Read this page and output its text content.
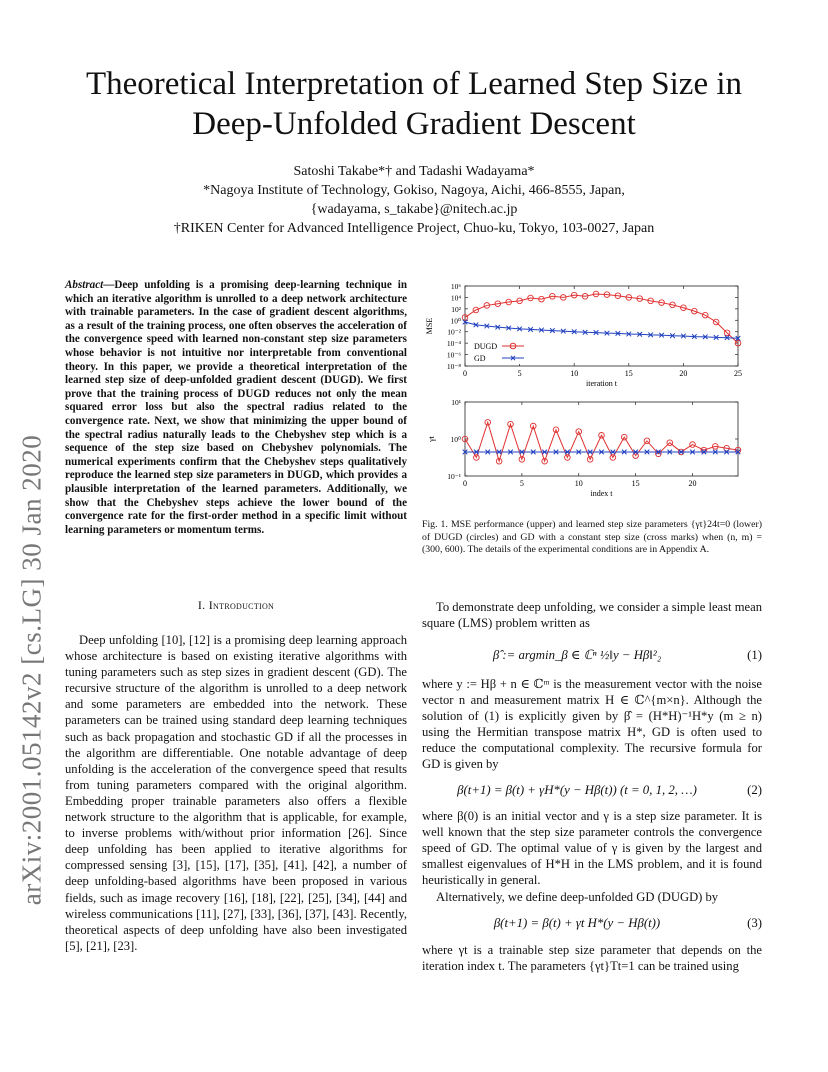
arXiv:2001.05142v2 [cs.LG] 30 Jan 2020
Theoretical Interpretation of Learned Step Size in
Deep-Unfolded Gradient Descent
Satoshi Takabe*† and Tadashi Wadayama*
*Nagoya Institute of Technology, Gokiso, Nagoya, Aichi, 466-8555, Japan,
{wadayama, s_takabe}@nitech.ac.jp
†RIKEN Center for Advanced Intelligence Project, Chuo-ku, Tokyo, 103-0027, Japan
Abstract—Deep unfolding is a promising deep-learning technique in which an iterative algorithm is unrolled to a deep network architecture with trainable parameters. In the case of gradient descent algorithms, as a result of the training process, one often observes the acceleration of the convergence speed with learned non-constant step size parameters whose behavior is not intuitive nor interpretable from conventional theory. In this paper, we provide a theoretical interpretation of the learned step size of deep-unfolded gradient descent (DUGD). We first prove that the training process of DUGD reduces not only the mean squared error loss but also the spectral radius related to the convergence rate. Next, we show that minimizing the upper bound of the spectral radius naturally leads to the Chebyshev step which is a sequence of the step size based on Chebyshev polynomials. The numerical experiments confirm that the Chebyshev steps qualitatively reproduce the learned step size parameters in DUGD, which provides a plausible interpretation of the learned parameters. Additionally, we show that the Chebyshev steps achieve the lower bound of the convergence rate for the first-order method in a specific limit without learning parameters or momentum terms.
I. Introduction
Deep unfolding [10], [12] is a promising deep learning approach whose architecture is based on existing iterative algorithms with tuning parameters such as step sizes in gradient descent (GD). The recursive structure of the algorithm is unrolled to a deep network and some parameters are embedded into the network. These parameters can be trained using standard deep learning techniques such as back propagation and stochastic GD if all the processes in the algorithm are differentiable. One notable advantage of deep unfolding is the acceleration of the convergence speed that results from tuning parameters compared with the original algorithm. Embedding proper trainable parameters also offers a flexible network structure to the algorithm that is applicable, for example, to inverse problems with/without prior information [26]. Since deep unfolding has been applied to iterative algorithms for compressed sensing [3], [15], [17], [35], [41], [42], a number of deep unfolding-based algorithms have been proposed in various fields, such as image recovery [16], [18], [22], [25], [34], [44] and wireless communications [11], [27], [33], [36], [37], [43]. Recently, theoretical aspects of deep unfolding have also been investigated [5], [21], [23].
0	5	10	15	20	25
10⁶
10⁴
10²
10⁰
10⁻²
10⁻⁴
10⁻⁶
10⁻⁸
iteration t
MSE
DUGD
GD
0	5	10	15	20
10¹
10⁰
10⁻¹
index t
γt
Fig. 1. MSE performance (upper) and learned step size parameters {γt}24t=0 (lower) of DUGD (circles) and GD with a constant step size (cross marks) when (n, m) = (300, 600). The details of the experimental conditions are in Appendix A.
To demonstrate deep unfolding, we consider a simple least mean square (LMS) problem written as
β̂ := argmin_β ∈ ℂⁿ ½‖y − Hβ‖²₂	(1)
where y := Hβ + n ∈ ℂᵐ is the measurement vector with the noise vector n and measurement matrix H ∈ ℂ^{m×n}. Although the solution of (1) is explicitly given by β̂ = (H*H)⁻¹H*y (m ≥ n) using the Hermitian transpose matrix H*, GD is often used to reduce the computational complexity. The recursive formula for GD is given by
β(t+1) = β(t) + γH*(y − Hβ(t)) (t = 0, 1, 2, …)	(2)
where β(0) is an initial vector and γ is a step size parameter. It is well known that the step size parameter controls the convergence speed of GD. The optimal value of γ is given by the largest and smallest eigenvalues of H*H in the LMS problem, and it is found heuristically in general.
Alternatively, we define deep-unfolded GD (DUGD) by
β(t+1) = β(t) + γt H*(y − Hβ(t))	(3)
where γt is a trainable step size parameter that depends on the iteration index t. The parameters {γt}Tt=1 can be trained using
